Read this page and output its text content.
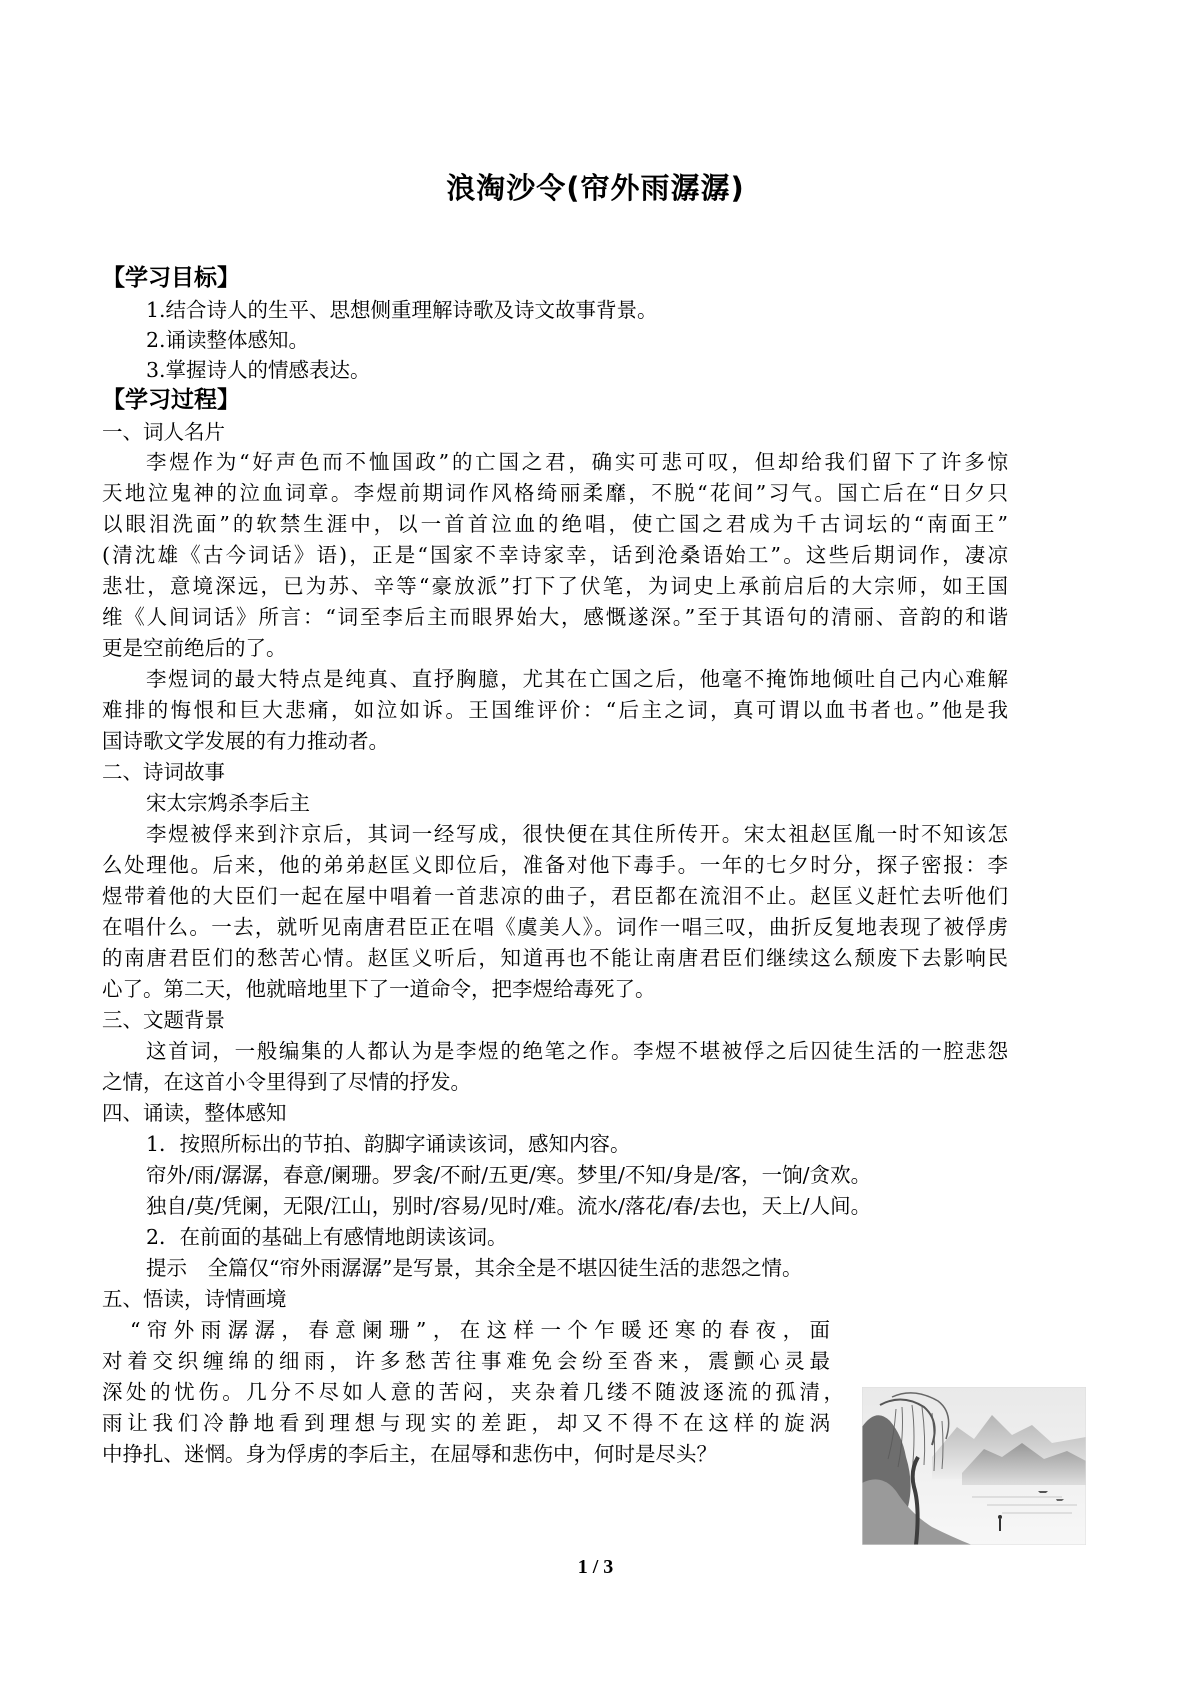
浪淘沙令(帘外雨潺潺)
【学习目标】
1.结合诗人的生平、思想侧重理解诗歌及诗文故事背景。
2.诵读整体感知。
3.掌握诗人的情感表达。
【学习过程】
一、词人名片
李煜作为“好声色而不恤国政”的亡国之君，确实可悲可叹，但却给我们留下了许多惊
天地泣鬼神的泣血词章。李煜前期词作风格绮丽柔靡，不脱“花间”习气。国亡后在“日夕只
以眼泪洗面”的软禁生涯中，以一首首泣血的绝唱，使亡国之君成为千古词坛的“南面王”
(清沈雄《古今词话》语)，正是“国家不幸诗家幸，话到沧桑语始工”。这些后期词作，凄凉
悲壮，意境深远，已为苏、辛等“豪放派”打下了伏笔，为词史上承前启后的大宗师，如王国
维《人间词话》所言：“词至李后主而眼界始大，感慨遂深。”至于其语句的清丽、音韵的和谐
更是空前绝后的了。
李煜词的最大特点是纯真、直抒胸臆，尤其在亡国之后，他毫不掩饰地倾吐自己内心难解
难排的悔恨和巨大悲痛，如泣如诉。王国维评价：“后主之词，真可谓以血书者也。”他是我
国诗歌文学发展的有力推动者。
二、诗词故事
宋太宗鸩杀李后主
李煜被俘来到汴京后，其词一经写成，很快便在其住所传开。宋太祖赵匡胤一时不知该怎
么处理他。后来，他的弟弟赵匡义即位后，准备对他下毒手。一年的七夕时分，探子密报：李
煜带着他的大臣们一起在屋中唱着一首悲凉的曲子，君臣都在流泪不止。赵匡义赶忙去听他们
在唱什么。一去，就听见南唐君臣正在唱《虞美人》。词作一唱三叹，曲折反复地表现了被俘虏
的南唐君臣们的愁苦心情。赵匡义听后，知道再也不能让南唐君臣们继续这么颓废下去影响民
心了。第二天，他就暗地里下了一道命令，把李煜给毒死了。
三、文题背景
这首词，一般编集的人都认为是李煜的绝笔之作。李煜不堪被俘之后囚徒生活的一腔悲怨
之情，在这首小令里得到了尽情的抒发。
四、诵读，整体感知
1．按照所标出的节拍、韵脚字诵读该词，感知内容。
帘外/雨/潺潺，春意/阑珊。罗衾/不耐/五更/寒。梦里/不知/身是/客，一饷/贪欢。
独自/莫/凭阑，无限/江山，别时/容易/见时/难。流水/落花/春/去也，天上/人间。
2．在前面的基础上有感情地朗读该词。
提示　全篇仅“帘外雨潺潺”是写景，其余全是不堪囚徒生活的悲怨之情。
五、悟读，诗情画境
“帘外雨潺潺，春意阑珊”，在这样一个乍暖还寒的春夜，面
对着交织缠绵的细雨，许多愁苦往事难免会纷至沓来，震颤心灵最
深处的忧伤。几分不尽如人意的苦闷，夹杂着几缕不随波逐流的孤清，
雨让我们冷静地看到理想与现实的差距，却又不得不在这样的旋涡
中挣扎、迷惘。身为俘虏的李后主，在屈辱和悲伤中，何时是尽头？
1 / 3
